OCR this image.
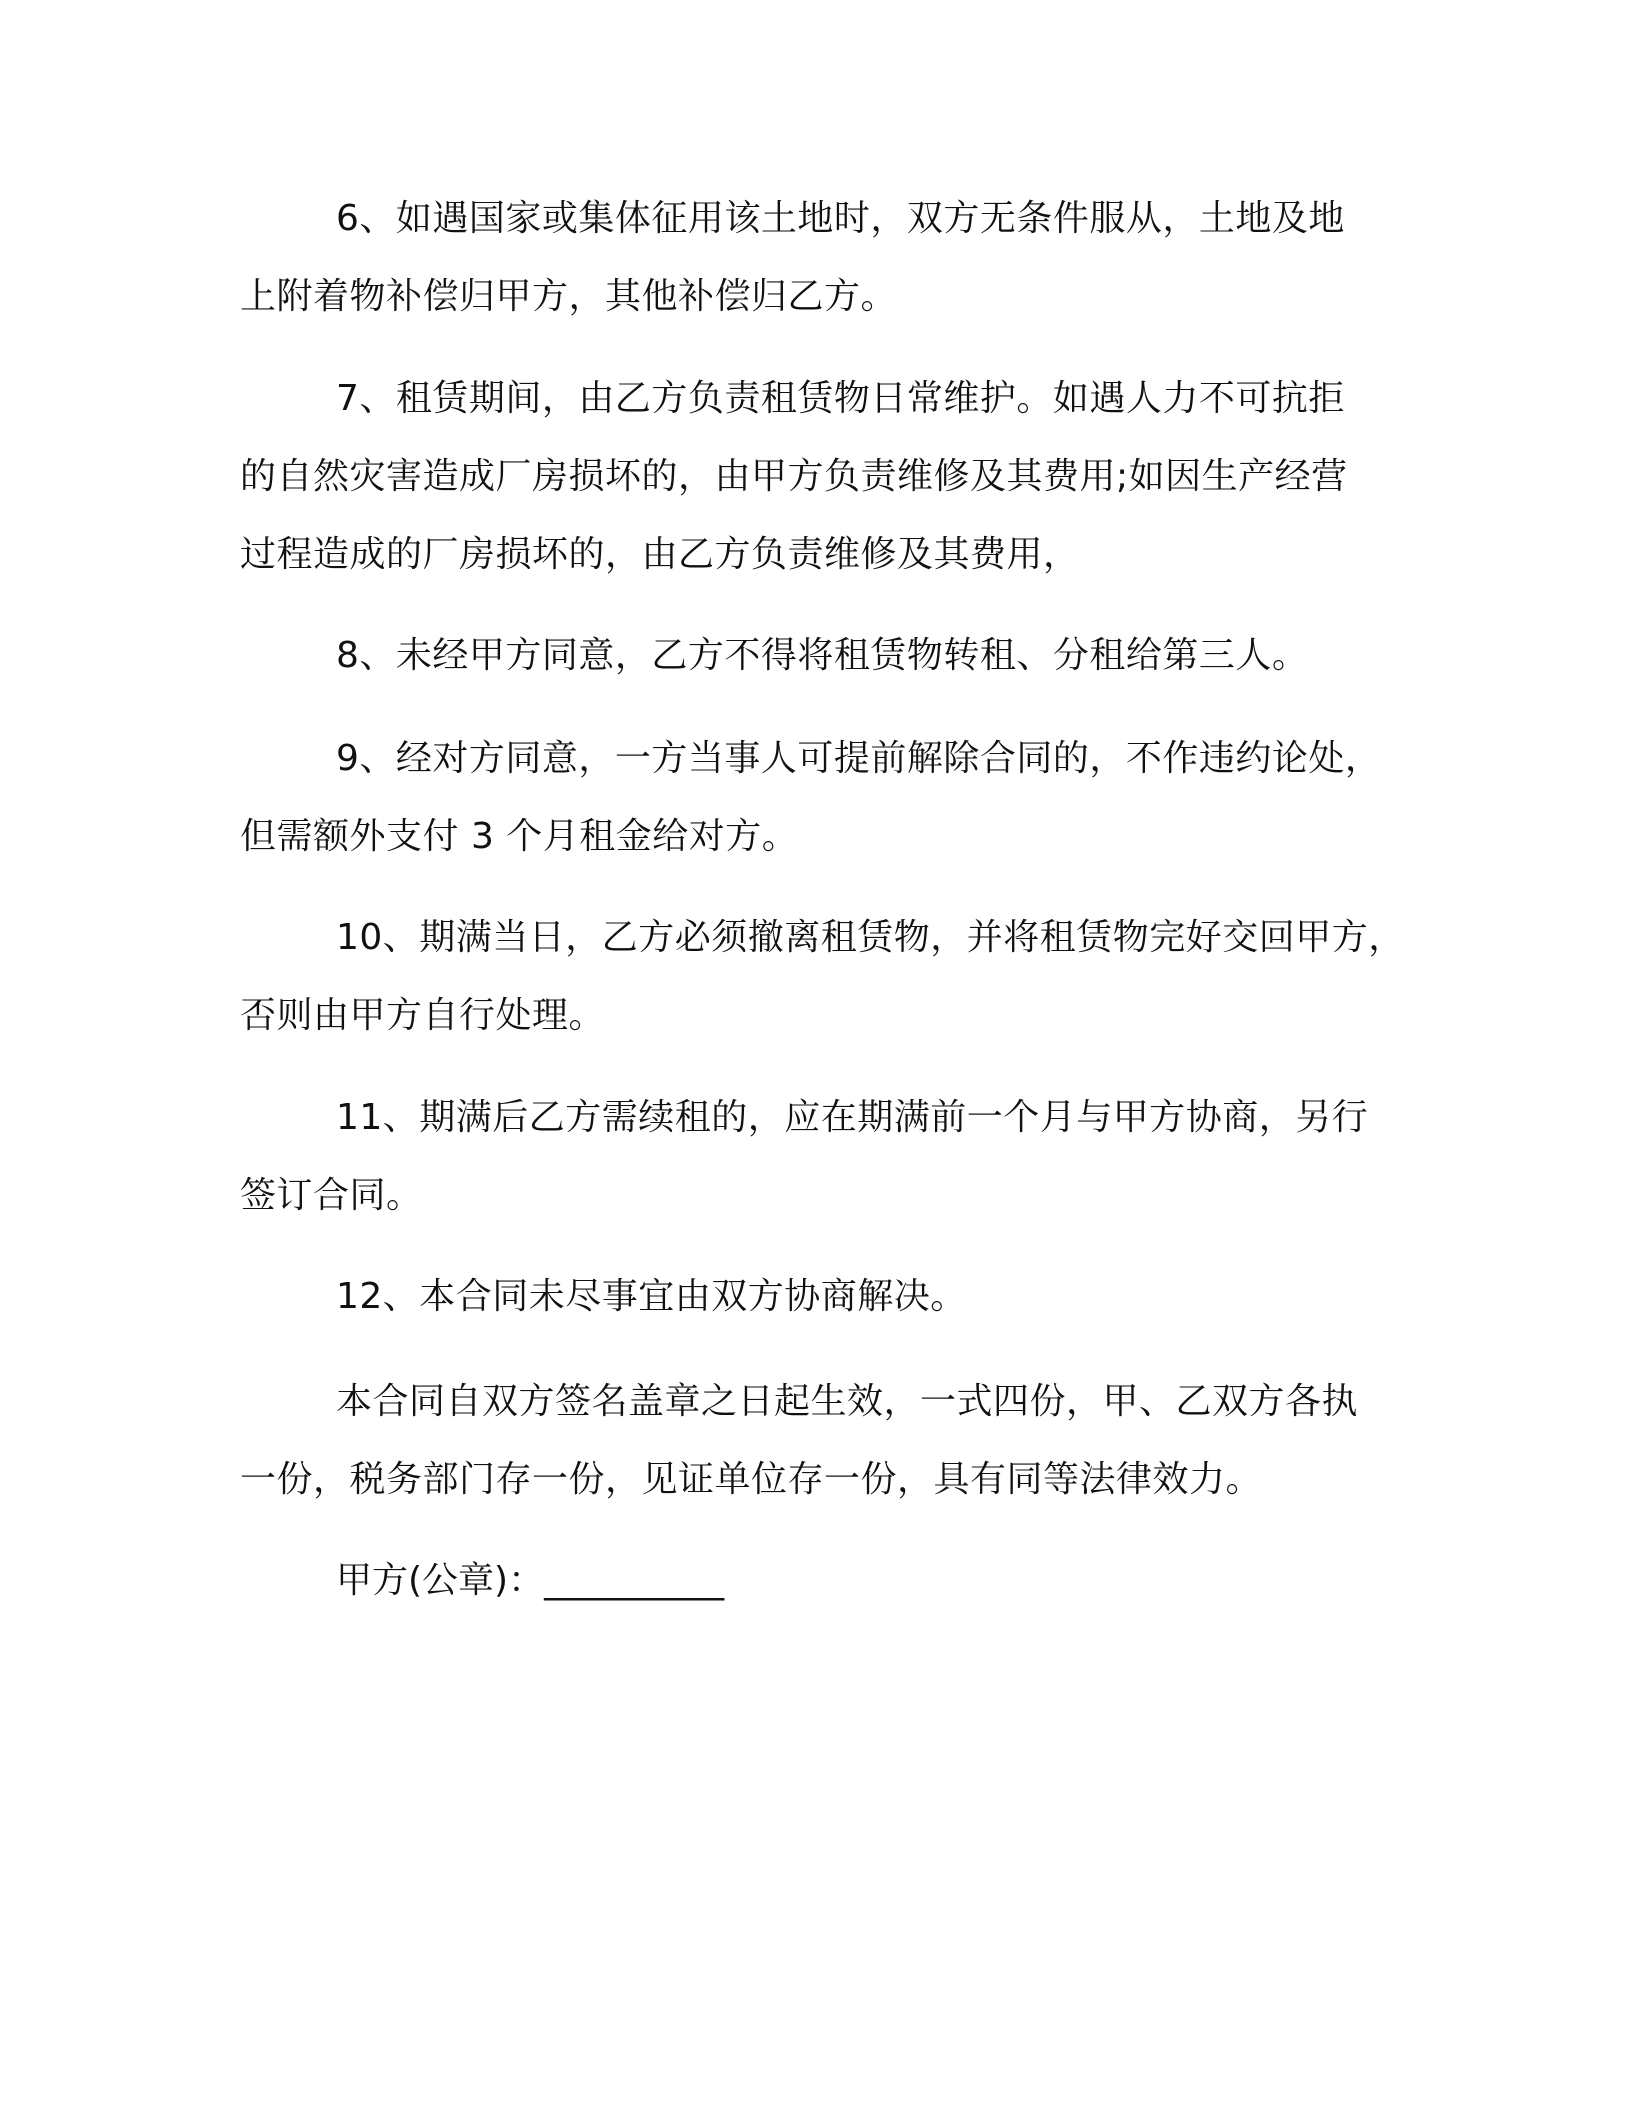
6、如遇国家或集体征用该土地时，双方无条件服从，土地及地
上附着物补偿归甲方，其他补偿归乙方。

7、租赁期间，由乙方负责租赁物日常维护。如遇人力不可抗拒
的自然灾害造成厂房损坏的，由甲方负责维修及其费用;如因生产经营
过程造成的厂房损坏的，由乙方负责维修及其费用，

8、未经甲方同意，乙方不得将租赁物转租、分租给第三人。

9、经对方同意，一方当事人可提前解除合同的，不作违约论处，
但需额外支付 3 个月租金给对方。

10、期满当日，乙方必须撤离租赁物，并将租赁物完好交回甲方，
否则由甲方自行处理。

11、期满后乙方需续租的，应在期满前一个月与甲方协商，另行
签订合同。

12、本合同未尽事宜由双方协商解决。

本合同自双方签名盖章之日起生效，一式四份，甲、乙双方各执
一份，税务部门存一份，见证单位存一份，具有同等法律效力。

甲方(公章)：__________
